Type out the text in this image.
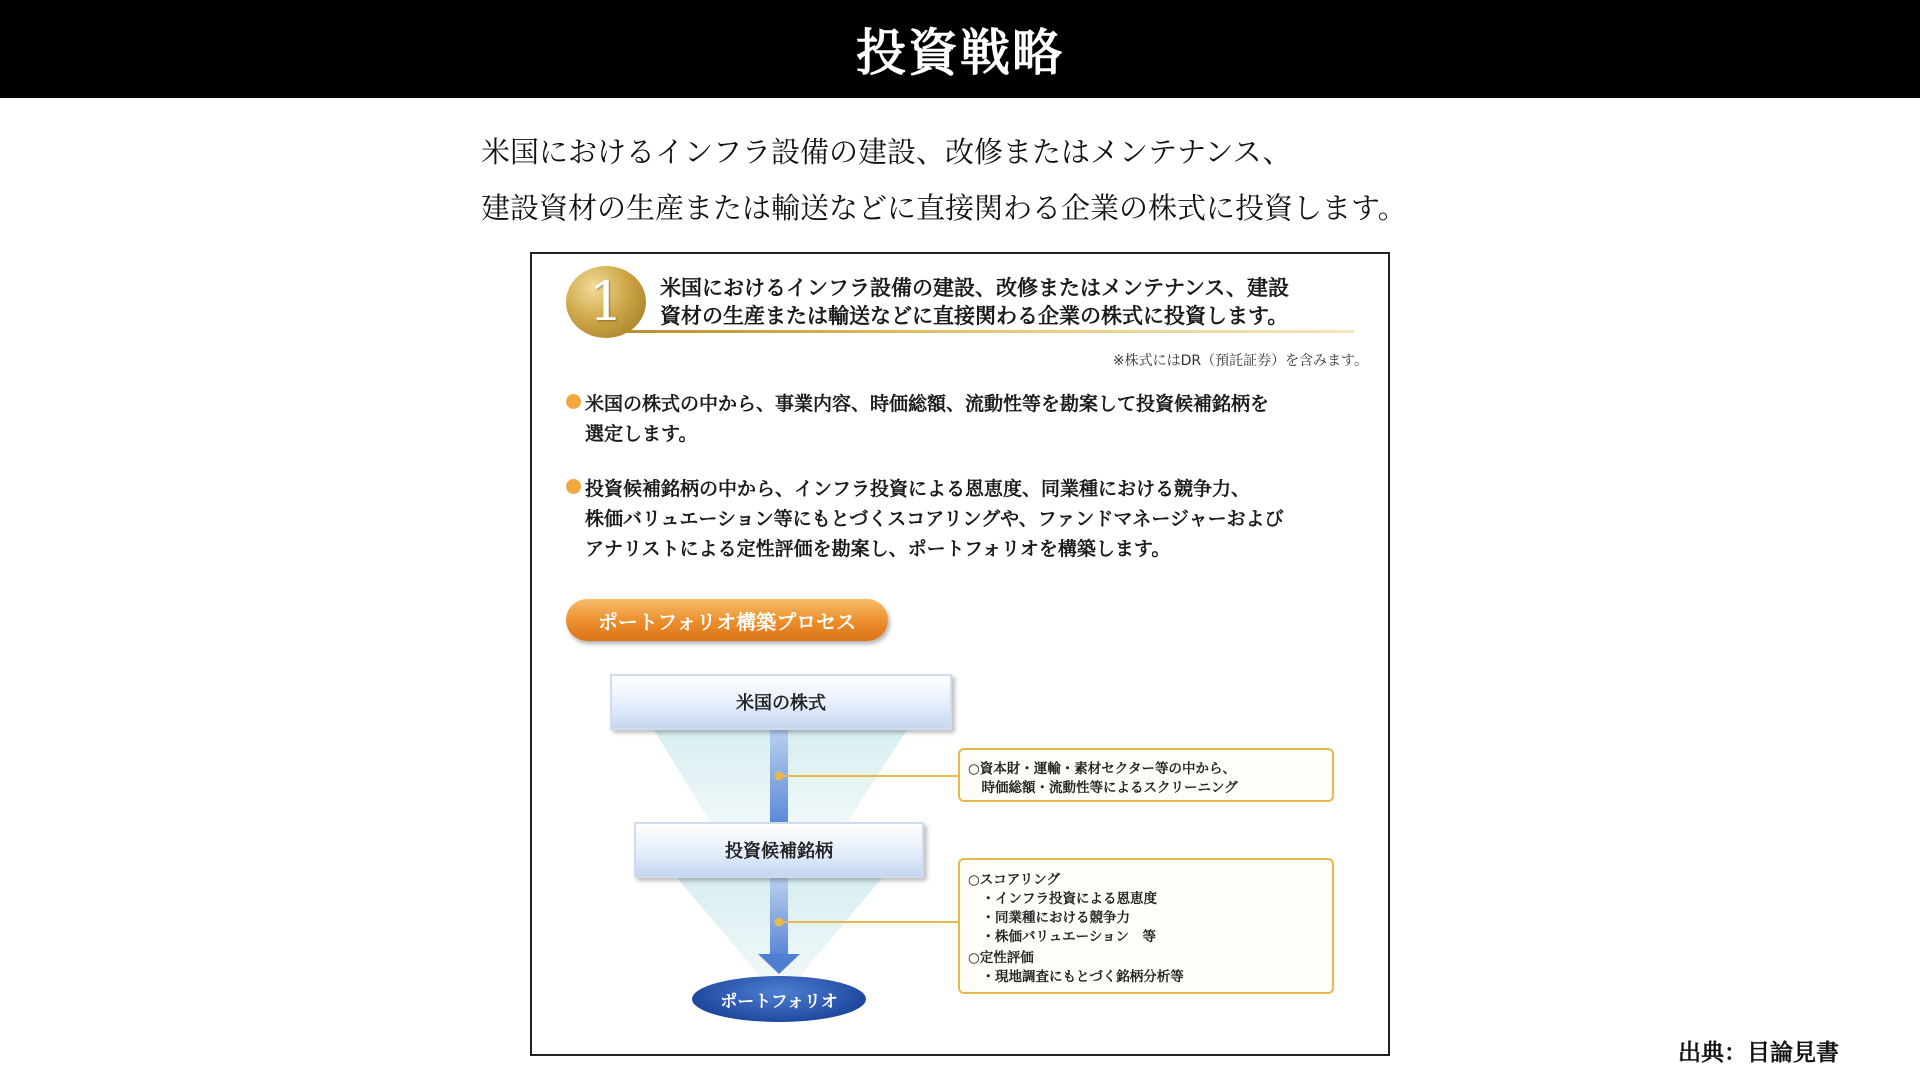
投資戦略
米国におけるインフラ設備の建設、改修またはメンテナンス、
建設資材の生産または輸送などに直接関わる企業の株式に投資します。
1 米国におけるインフラ設備の建設、改修またはメンテナンス、建設
資材の生産または輸送などに直接関わる企業の株式に投資します。
※株式にはDR（預託証券）を含みます。
米国の株式の中から、事業内容、時価総額、流動性等を勘案して投資候補銘柄を
選定します。
投資候補銘柄の中から、インフラ投資による恩恵度、同業種における競争力、
株価バリュエーション等にもとづくスコアリングや、ファンドマネージャーおよび
アナリストによる定性評価を勘案し、ポートフォリオを構築します。
ポートフォリオ構築プロセス
米国の株式
投資候補銘柄
ポートフォリオ
○資本財・運輸・素材セクター等の中から、
　時価総額・流動性等によるスクリーニング
○スコアリング
　・インフラ投資による恩恵度
　・同業種における競争力
　・株価バリュエーション　等
○定性評価
　・現地調査にもとづく銘柄分析等
出典：目論見書
